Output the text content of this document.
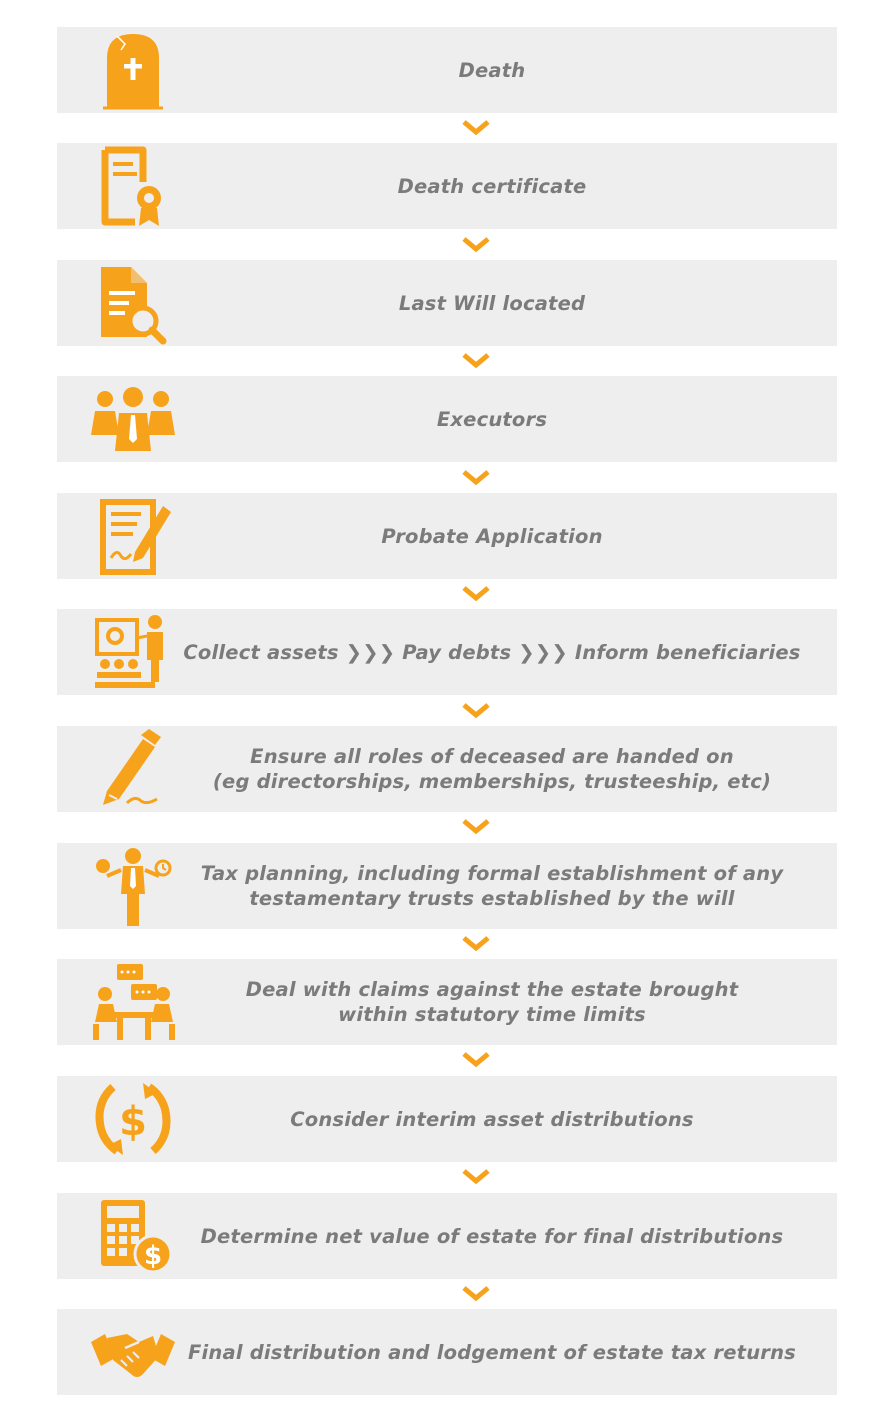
Death
Death certificate
Last Will located
Executors
Probate Application
Collect assets ❯❯❯ Pay debts ❯❯❯ Inform beneficiaries
Ensure all roles of deceased are handed on
(eg directorships, memberships, trusteeship, etc)
Tax planning, including formal establishment of any
testamentary trusts established by the will
Deal with claims against the estate brought
within statutory time limits
$	Consider interim asset distributions
$
Determine net value of estate for final distributions
Final distribution and lodgement of estate tax returns
